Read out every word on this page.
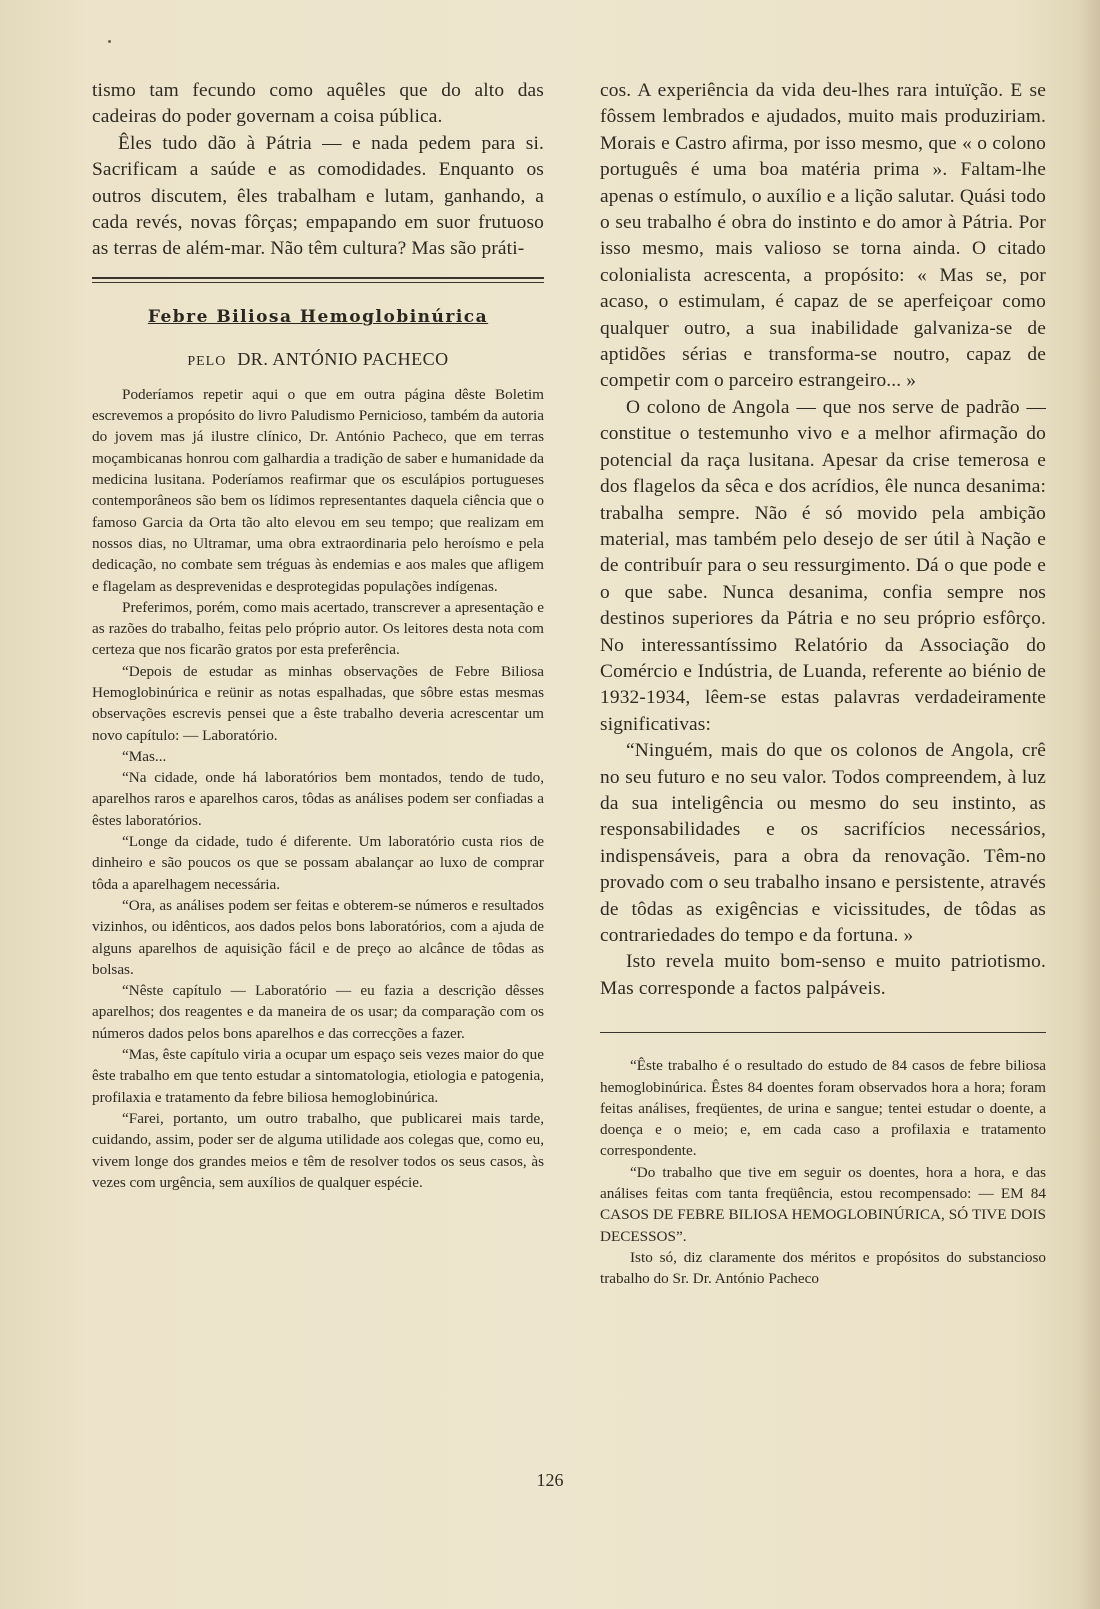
tismo tam fecundo como aquêles que do alto das cadeiras do poder governam a coisa pública.

Êles tudo dão à Pátria — e nada pedem para si. Sacrificam a saúde e as comodidades. Enquanto os outros discutem, êles trabalham e lutam, ganhando, a cada revés, novas fôrças; empapando em suor frutuoso as terras de além-mar. Não têm cultura? Mas são práti-

Febre Biliosa Hemoglobinúrica
PELO DR. ANTÓNIO PACHECO

Poderíamos repetir aqui o que em outra página dêste Boletim escrevemos a propósito do livro Paludismo Pernicioso, também da autoria do jovem mas já ilustre clínico, Dr. António Pacheco, que em terras moçambicanas honrou com galhardia a tradição de saber e humanidade da medicina lusitana. Poderíamos reafirmar que os esculápios portugueses contemporâneos são bem os lídimos representantes daquela ciência que o famoso Garcia da Orta tão alto elevou em seu tempo; que realizam em nossos dias, no Ultramar, uma obra extraordinaria pelo heroísmo e pela dedicação, no combate sem tréguas às endemias e aos males que afligem e flagelam as desprevenidas e desprotegidas populações indígenas.

Preferimos, porém, como mais acertado, transcrever a apresentação e as razões do trabalho, feitas pelo próprio autor. Os leitores desta nota com certeza que nos ficarão gratos por esta preferência.

“Depois de estudar as minhas observações de Febre Biliosa Hemoglobinúrica e reünir as notas espalhadas, que sôbre estas mesmas observações escrevis pensei que a êste trabalho deveria acrescentar um novo capítulo: — Laboratório.

“Mas...

“Na cidade, onde há laboratórios bem montados, tendo de tudo, aparelhos raros e aparelhos caros, tôdas as análises podem ser confiadas a êstes laboratórios.

“Longe da cidade, tudo é diferente. Um laboratório custa rios de dinheiro e são poucos os que se possam abalançar ao luxo de comprar tôda a aparelhagem necessária.

“Ora, as análises podem ser feitas e obterem-se números e resultados vizinhos, ou idênticos, aos dados pelos bons laboratórios, com a ajuda de alguns aparelhos de aquisição fácil e de preço ao alcânce de tôdas as bolsas.

“Nêste capítulo — Laboratório — eu fazia a descrição dêsses aparelhos; dos reagentes e da maneira de os usar; da comparação com os números dados pelos bons aparelhos e das correcções a fazer.

“Mas, êste capítulo viria a ocupar um espaço seis vezes maior do que êste trabalho em que tento estudar a sintomatologia, etiologia e patogenia, profilaxia e tratamento da febre biliosa hemoglobinúrica.

“Farei, portanto, um outro trabalho, que publicarei mais tarde, cuidando, assim, poder ser de alguma utilidade aos colegas que, como eu, vivem longe dos grandes meios e têm de resolver todos os seus casos, às vezes com urgência, sem auxílios de qualquer espécie.

cos. A experiência da vida deu-lhes rara intuïção. E se fôssem lembrados e ajudados, muito mais produziriam. Morais e Castro afirma, por isso mesmo, que « o colono português é uma boa matéria prima ». Faltam-lhe apenas o estímulo, o auxílio e a lição salutar. Quási todo o seu trabalho é obra do instinto e do amor à Pátria. Por isso mesmo, mais valioso se torna ainda. O citado colonialista acrescenta, a propósito: « Mas se, por acaso, o estimulam, é capaz de se aperfeiçoar como qualquer outro, a sua inabilidade galvaniza-se de aptidões sérias e transforma-se noutro, capaz de competir com o parceiro estrangeiro... »

O colono de Angola — que nos serve de padrão — constitue o testemunho vivo e a melhor afirmação do potencial da raça lusitana. Apesar da crise temerosa e dos flagelos da sêca e dos acrídios, êle nunca desanima: trabalha sempre. Não é só movido pela ambição material, mas também pelo desejo de ser útil à Nação e de contribuír para o seu ressurgimento. Dá o que pode e o que sabe. Nunca desanima, confia sempre nos destinos superiores da Pátria e no seu próprio esfôrço. No interessantíssimo Relatório da Associação do Comércio e Indústria, de Luanda, referente ao biénio de 1932-1934, lêem-se estas palavras verdadeiramente significativas:

“Ninguém, mais do que os colonos de Angola, crê no seu futuro e no seu valor. Todos compreendem, à luz da sua inteligência ou mesmo do seu instinto, as responsabilidades e os sacrifícios necessários, indispensáveis, para a obra da renovação. Têm-no provado com o seu trabalho insano e persistente, através de tôdas as exigências e vicissitudes, de tôdas as contrariedades do tempo e da fortuna. »

Isto revela muito bom-senso e muito patriotismo. Mas corresponde a factos palpáveis.

“Êste trabalho é o resultado do estudo de 84 casos de febre biliosa hemoglobinúrica. Êstes 84 doentes foram observados hora a hora; foram feitas análises, freqüentes, de urina e sangue; tentei estudar o doente, a doença e o meio; e, em cada caso a profilaxia e tratamento correspondente.

“Do trabalho que tive em seguir os doentes, hora a hora, e das análises feitas com tanta freqüência, estou recompensado: — EM 84 CASOS DE FEBRE BILIOSA HEMOGLOBINÚRICA, SÓ TIVE DOIS DECESSOS”.

Isto só, diz claramente dos méritos e propósitos do substancioso trabalho do Sr. Dr. António Pacheco

126
